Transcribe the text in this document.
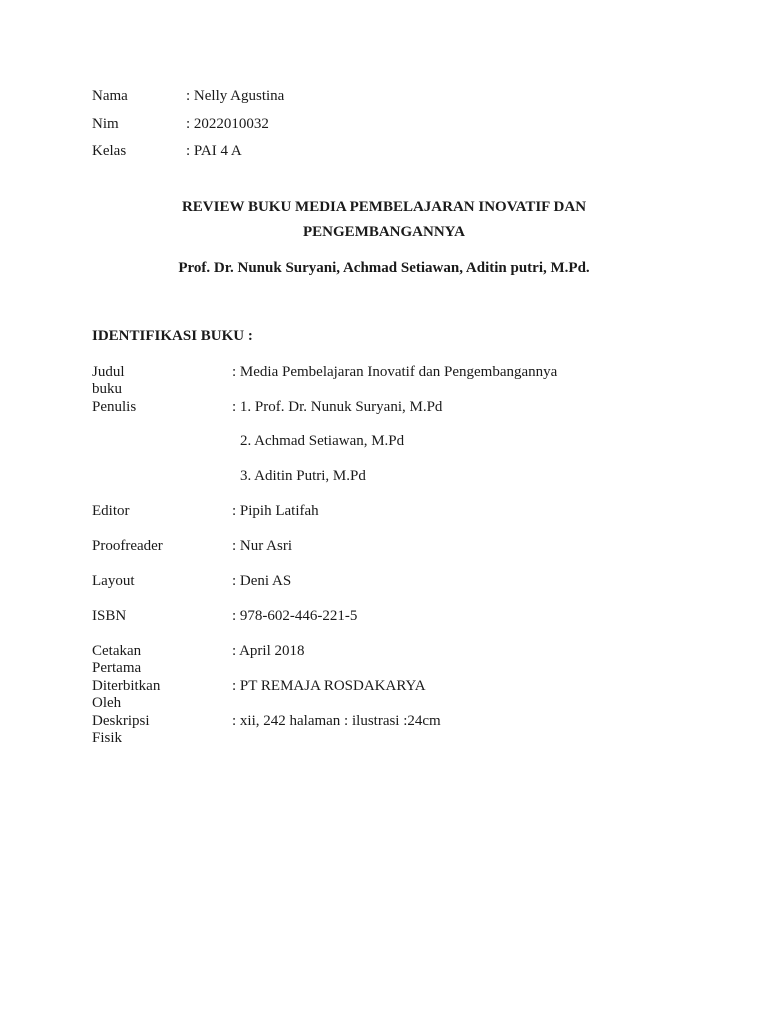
Nama	: Nelly Agustina
Nim	: 2022010032
Kelas	: PAI 4 A
REVIEW BUKU MEDIA PEMBELAJARAN INOVATIF DAN
PENGEMBANGANNYA
Prof. Dr. Nunuk Suryani, Achmad Setiawan, Aditin putri, M.Pd.
IDENTIFIKASI BUKU :
Judul buku
: Media Pembelajaran Inovatif dan Pengembangannya
Penulis	: 1. Prof. Dr. Nunuk Suryani, M.Pd
2. Achmad Setiawan, M.Pd
3. Aditin Putri, M.Pd
Editor	: Pipih Latifah
Proofreader	: Nur Asri
Layout	: Deni AS
ISBN	: 978-602-446-221-5
Cetakan Pertama
: April 2018
Diterbitkan Oleh
: PT REMAJA ROSDAKARYA
Deskripsi Fisik
: xii, 242 halaman : ilustrasi :24cm
